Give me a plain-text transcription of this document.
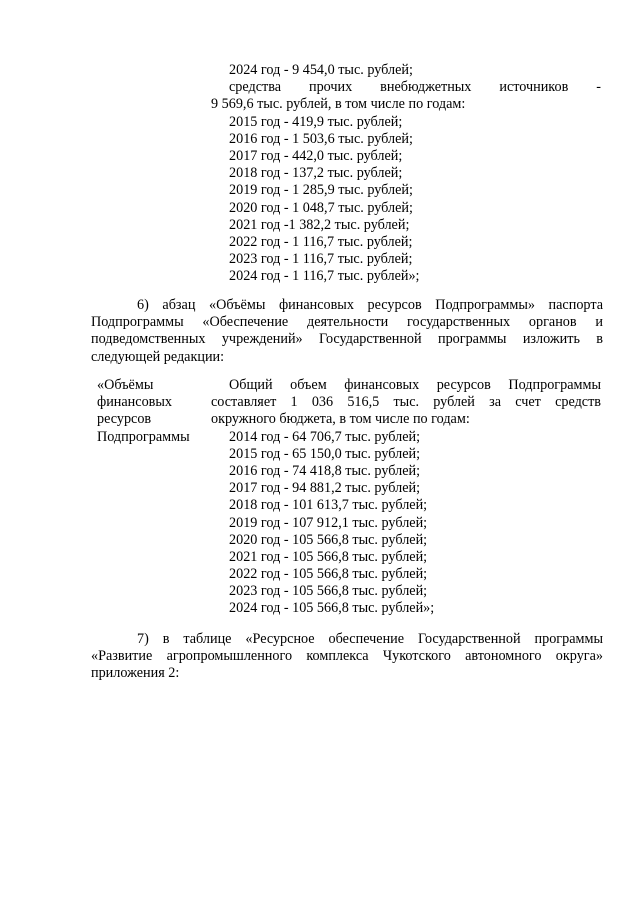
2024 год - 9 454,0 тыс. рублей;
средства прочих внебюджетных источников -
9 569,6 тыс. рублей, в том числе по годам:
2015 год - 419,9 тыс. рублей;
2016 год - 1 503,6 тыс. рублей;
2017 год - 442,0 тыс. рублей;
2018 год - 137,2 тыс. рублей;
2019 год - 1 285,9 тыс. рублей;
2020 год - 1 048,7 тыс. рублей;
2021 год -1 382,2 тыс. рублей;
2022 год - 1 116,7 тыс. рублей;
2023 год - 1 116,7 тыс. рублей;
2024 год - 1 116,7 тыс. рублей»;

6) абзац «Объёмы финансовых ресурсов Подпрограммы» паспорта Подпрограммы «Обеспечение деятельности государственных органов и подведомственных учреждений» Государственной программы изложить в следующей редакции:

«Объёмы
финансовых
ресурсов
Подпрограммы
Общий объем финансовых ресурсов Подпрограммы
составляет 1 036 516,5 тыс. рублей за счет средств
окружного бюджета, в том числе по годам:
2014 год - 64 706,7 тыс. рублей;
2015 год - 65 150,0 тыс. рублей;
2016 год - 74 418,8 тыс. рублей;
2017 год - 94 881,2 тыс. рублей;
2018 год - 101 613,7 тыс. рублей;
2019 год - 107 912,1 тыс. рублей;
2020 год - 105 566,8 тыс. рублей;
2021 год - 105 566,8 тыс. рублей;
2022 год - 105 566,8 тыс. рублей;
2023 год - 105 566,8 тыс. рублей;
2024 год - 105 566,8 тыс. рублей»;

7) в таблице «Ресурсное обеспечение Государственной программы «Развитие агропромышленного комплекса Чукотского автономного округа» приложения 2:
